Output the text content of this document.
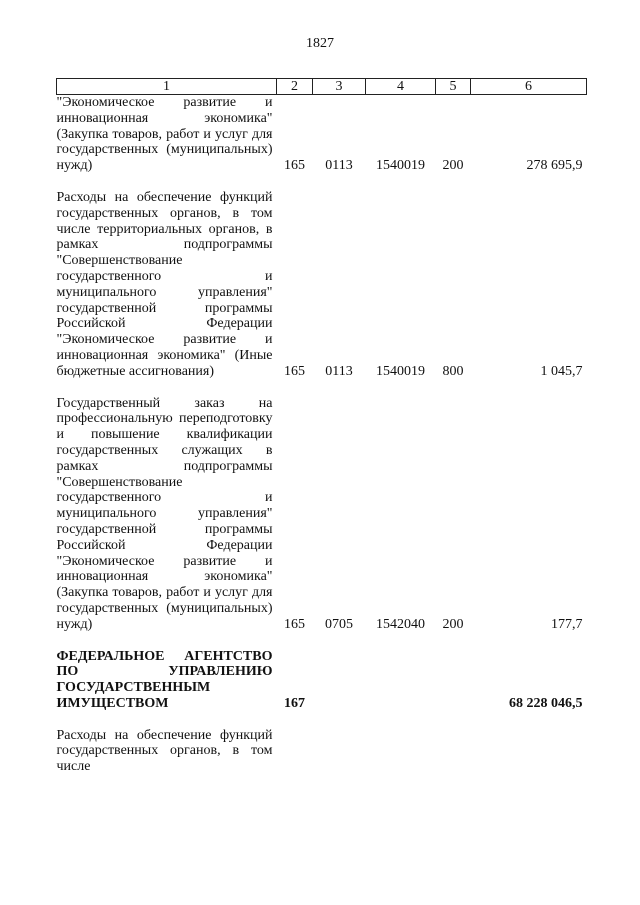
1827
1	2	3	4	5	6
"Экономическое развитие и инновационная экономика" (Закупка товаров, работ и услуг для государственных (муниципальных) нужд)	165	0113	1540019	200	278 695,9

Расходы на обеспечение функций государственных органов, в том числе территориальных органов, в рамках подпрограммы "Совершенствование государственного и муниципального управления" государственной программы Российской Федерации "Экономическое развитие и инновационная экономика" (Иные бюджетные ассигнования)	165	0113	1540019	800	1 045,7

Государственный заказ на профессиональную переподготовку и повышение квалификации государственных служащих в рамках подпрограммы "Совершенствование государственного и муниципального управления" государственной программы Российской Федерации "Экономическое развитие и инновационная экономика" (Закупка товаров, работ и услуг для государственных (муниципальных) нужд)	165	0705	1542040	200	177,7

ФЕДЕРАЛЬНОЕ АГЕНТСТВО ПО УПРАВЛЕНИЮ ГОСУДАРСТВЕННЫМ ИМУЩЕСТВОМ	167				68 228 046,5

Расходы на обеспечение функций государственных органов, в том числе					
